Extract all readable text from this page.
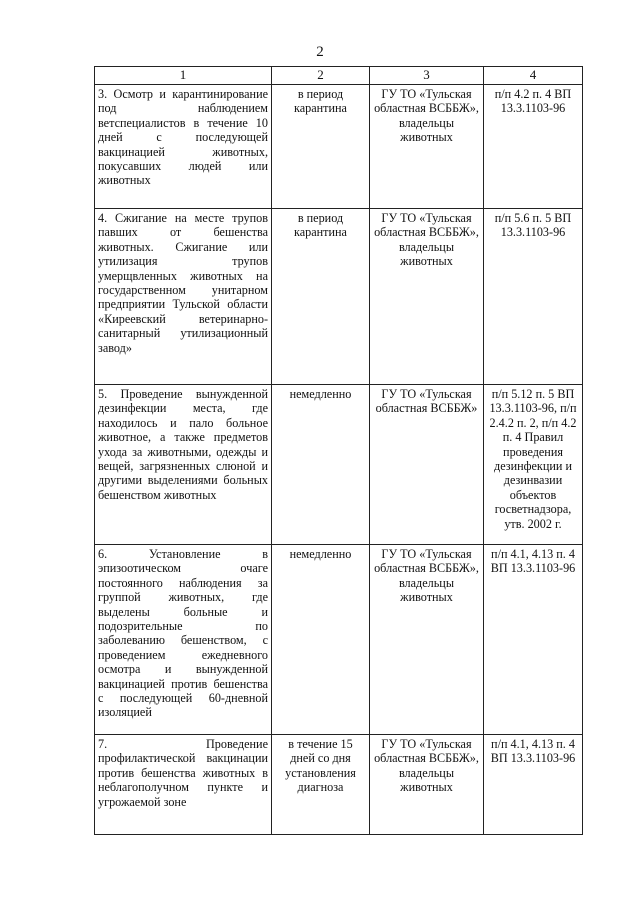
2
1	2	3	4
3. Осмотр и карантинирование под наблюдением ветспециалистов в течение 10 дней с последующей вакцинацией животных, покусавших людей или животных	в период карантина	ГУ ТО «Тульская областная ВСББЖ», владельцы животных	п/п 4.2 п. 4 ВП 13.3.1103-96
4. Сжигание на месте трупов павших от бешенства животных. Сжигание или утилизация трупов умерщвленных животных на государственном унитарном предприятии Тульской области «Киреевский ветеринарно-санитарный утилизационный завод»	в период карантина	ГУ ТО «Тульская областная ВСББЖ», владельцы животных	п/п 5.6 п. 5 ВП 13.3.1103-96
5. Проведение вынужденной дезинфекции места, где находилось и пало больное животное, а также предметов ухода за животными, одежды и вещей, загрязненных слюной и другими выделениями больных бешенством животных	немедленно	ГУ ТО «Тульская областная ВСББЖ»	п/п 5.12 п. 5 ВП 13.3.1103-96, п/п 2.4.2 п. 2, п/п 4.2 п. 4 Правил проведения дезинфекции и дезинвазии объектов госветнадзора, утв. 2002 г.
6. Установление в эпизоотическом очаге постоянного наблюдения за группой животных, где выделены больные и подозрительные по заболеванию бешенством, с проведением ежедневного осмотра и вынужденной вакцинацией против бешенства с последующей 60-дневной изоляцией	немедленно	ГУ ТО «Тульская областная ВСББЖ», владельцы животных	п/п 4.1, 4.13 п. 4 ВП 13.3.1103-96
7. Проведение профилактической вакцинации против бешенства животных в неблагополучном пункте и угрожаемой зоне	в течение 15 дней со дня установления диагноза	ГУ ТО «Тульская областная ВСББЖ», владельцы животных	п/п 4.1, 4.13 п. 4 ВП 13.3.1103-96
